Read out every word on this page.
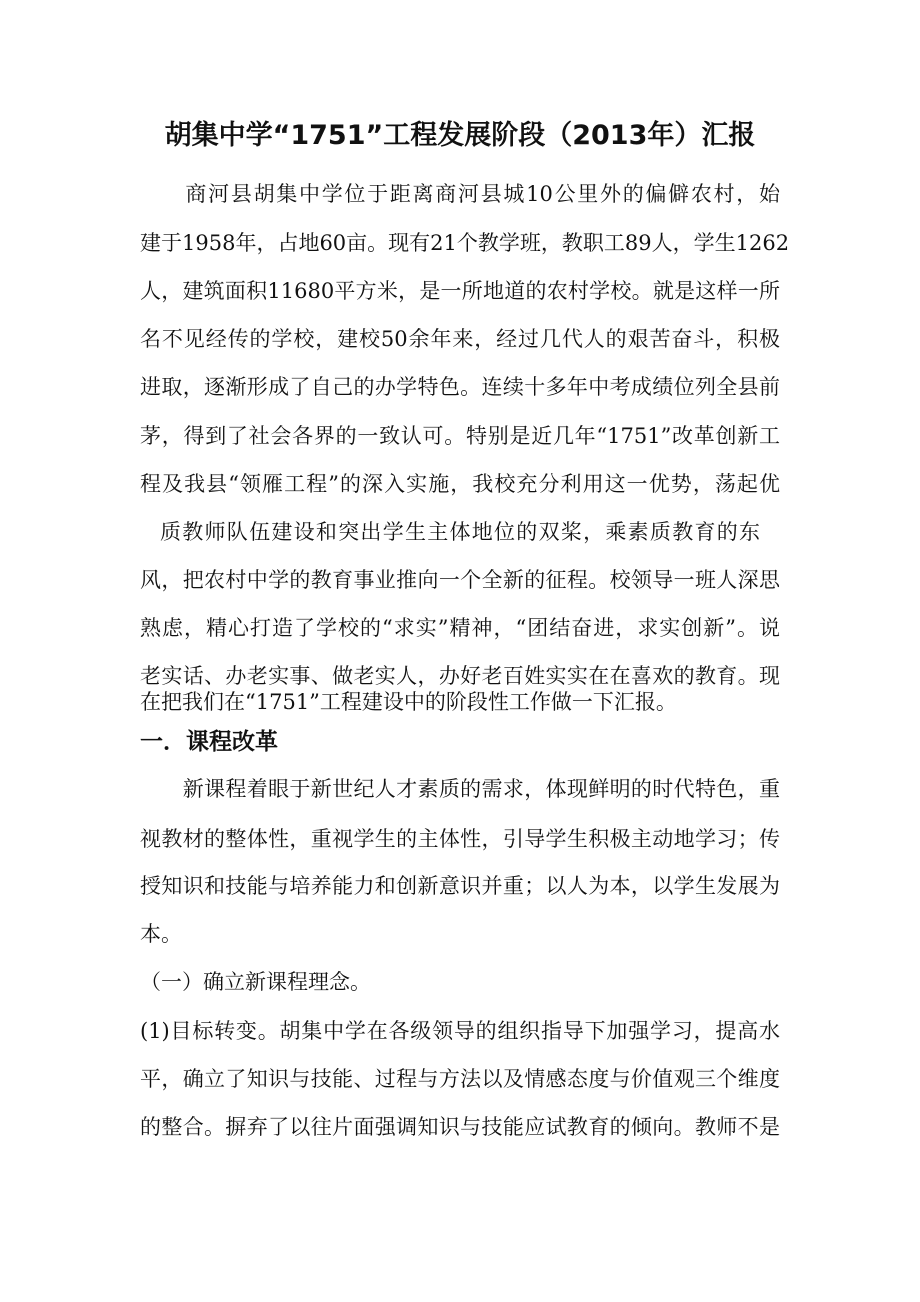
胡集中学“1751”工程发展阶段（2013年）汇报
　　商河县胡集中学位于距离商河县城10公里外的偏僻农村，始
建于1958年，占地60亩。现有21个教学班，教职工89人，学生1262
人，建筑面积11680平方米，是一所地道的农村学校。就是这样一所
名不见经传的学校，建校50余年来，经过几代人的艰苦奋斗，积极
进取，逐渐形成了自己的办学特色。连续十多年中考成绩位列全县前
茅，得到了社会各界的一致认可。特别是近几年“1751”改革创新工
程及我县“领雁工程”的深入实施，我校充分利用这一优势，荡起优
质教师队伍建设和突出学生主体地位的双桨，乘素质教育的东
风，把农村中学的教育事业推向一个全新的征程。校领导一班人深思
熟虑，精心打造了学校的“求实”精神，“团结奋进，求实创新”。说
老实话、办老实事、做老实人，办好老百姓实实在在喜欢的教育。现
在把我们在“1751”工程建设中的阶段性工作做一下汇报。
一．课程改革
　　新课程着眼于新世纪人才素质的需求，体现鲜明的时代特色，重
视教材的整体性，重视学生的主体性，引导学生积极主动地学习；传
授知识和技能与培养能力和创新意识并重；以人为本，以学生发展为
本。
（一）确立新课程理念。
(1)目标转变。胡集中学在各级领导的组织指导下加强学习，提高水
平，确立了知识与技能、过程与方法以及情感态度与价值观三个维度
的整合。摒弃了以往片面强调知识与技能应试教育的倾向。教师不是
